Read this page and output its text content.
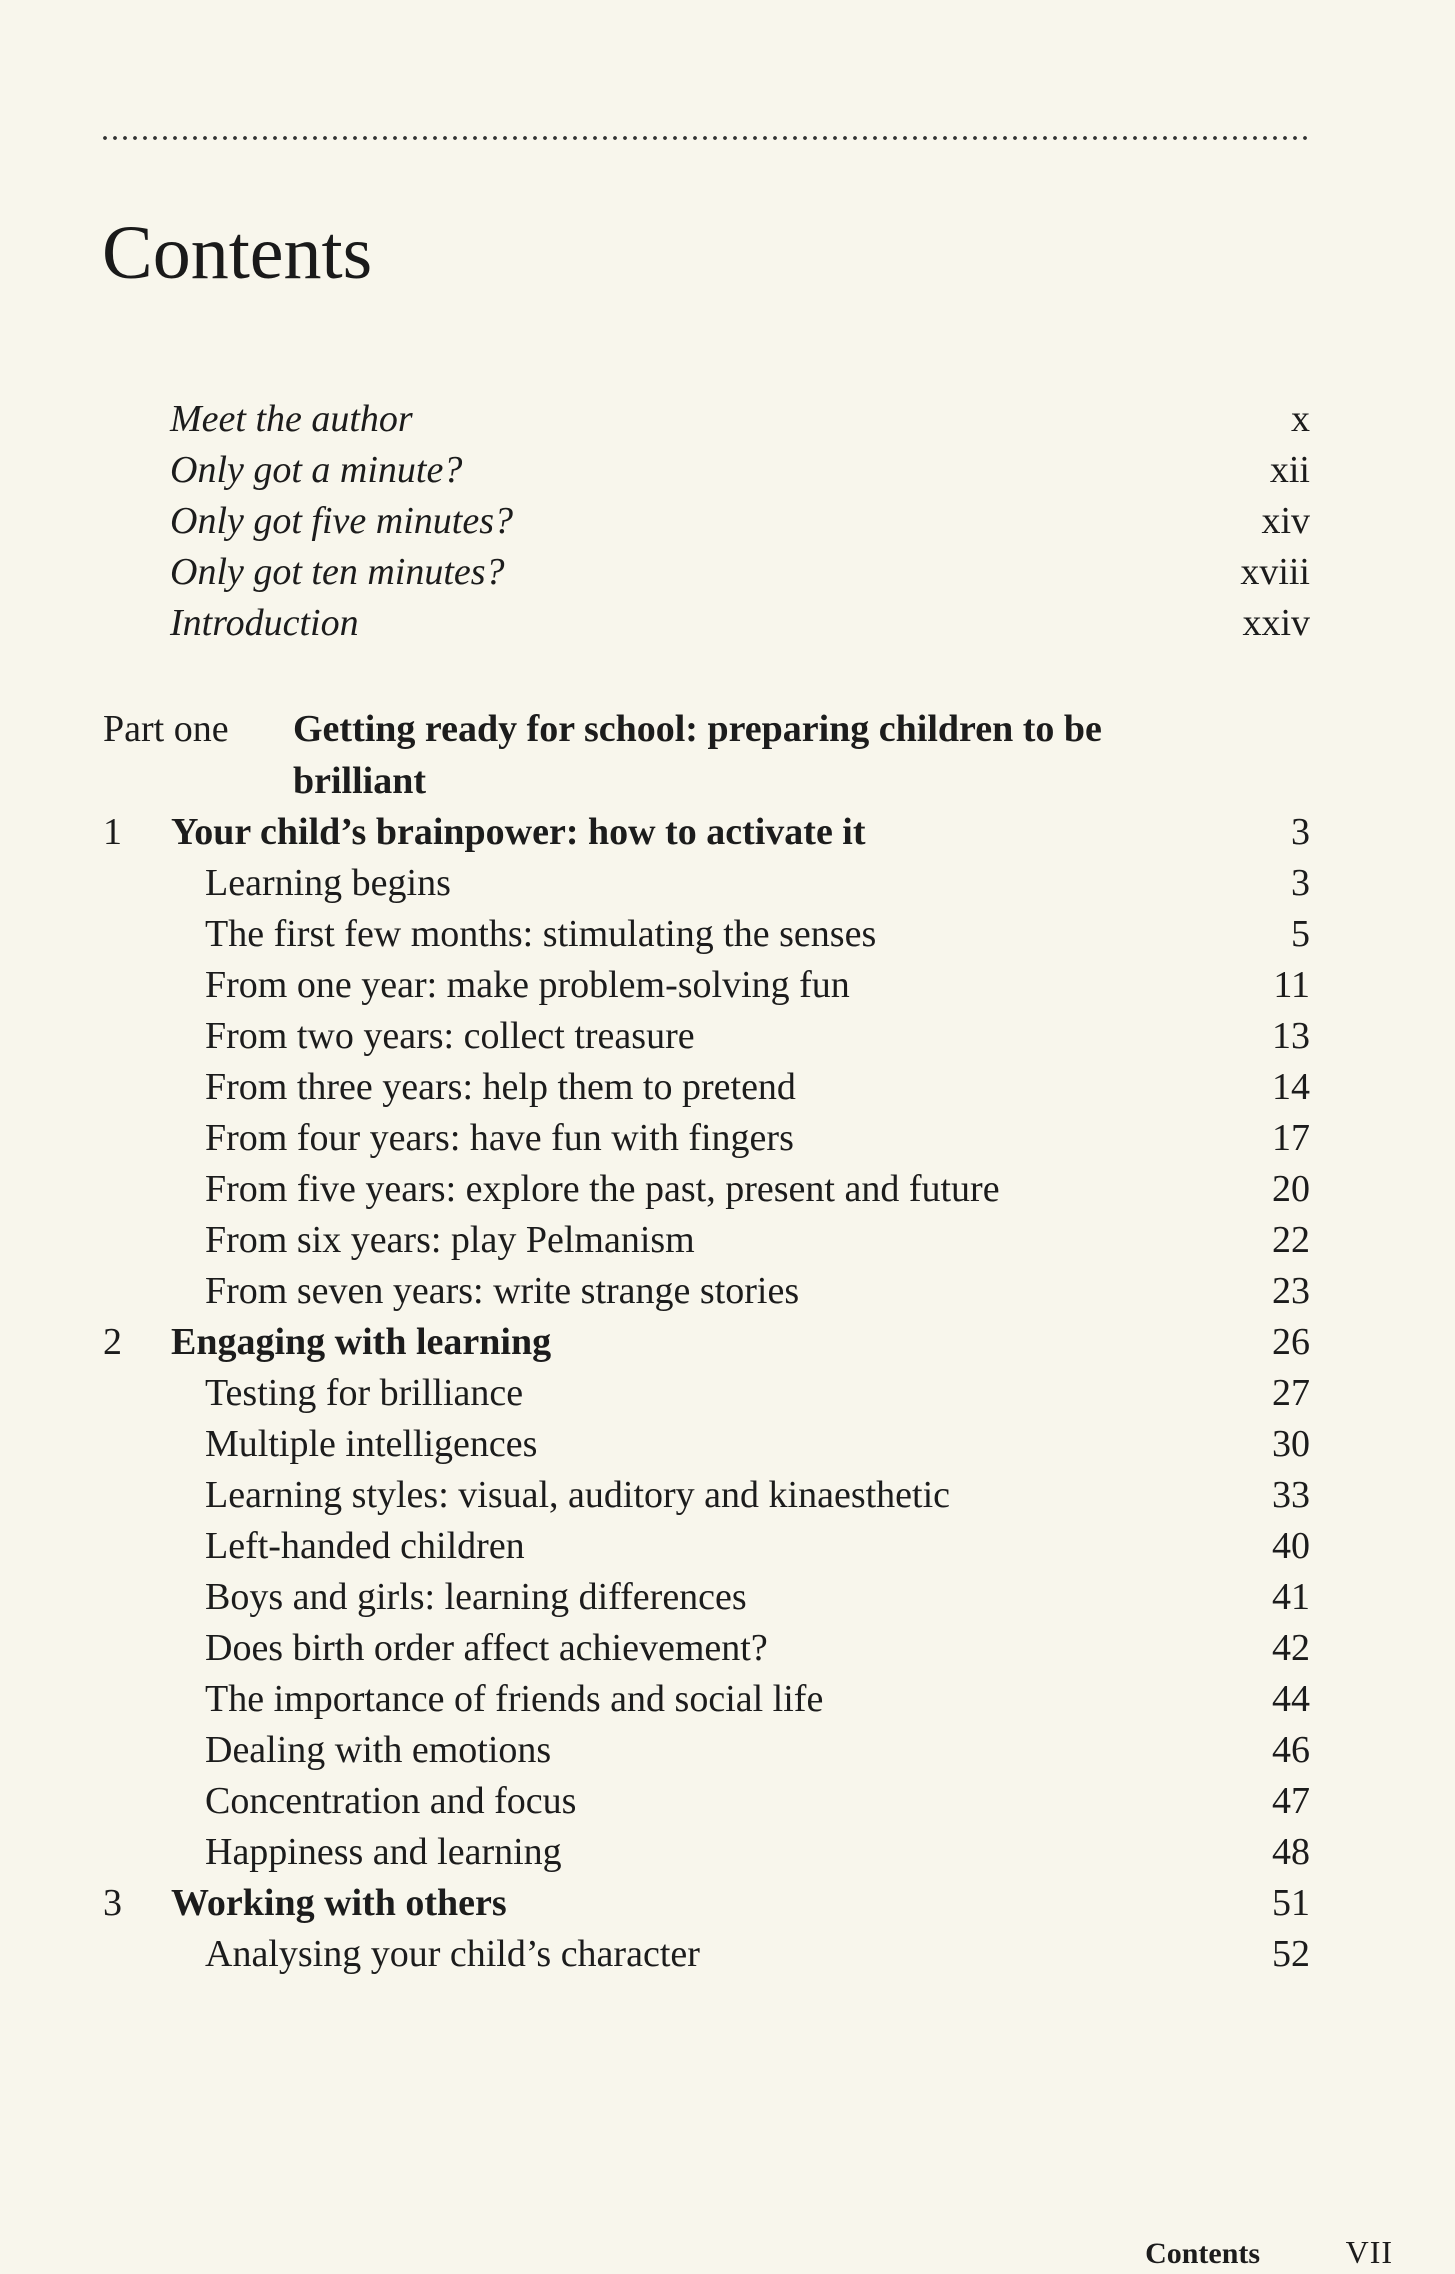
Contents
Meet the author	x
Only got a minute?	xii
Only got five minutes?	xiv
Only got ten minutes?	xviii
Introduction	xxiv
Part one Getting ready for school: preparing children to be brilliant
1 Your child’s brainpower: how to activate it	3
Learning begins	3
The first few months: stimulating the senses	5
From one year: make problem-solving fun	11
From two years: collect treasure	13
From three years: help them to pretend	14
From four years: have fun with fingers	17
From five years: explore the past, present and future	20
From six years: play Pelmanism	22
From seven years: write strange stories	23
2 Engaging with learning	26
Testing for brilliance	27
Multiple intelligences	30
Learning styles: visual, auditory and kinaesthetic	33
Left-handed children	40
Boys and girls: learning differences	41
Does birth order affect achievement?	42
The importance of friends and social life	44
Dealing with emotions	46
Concentration and focus	47
Happiness and learning	48
3 Working with others	51
Analysing your child’s character	52
Contents	VII
